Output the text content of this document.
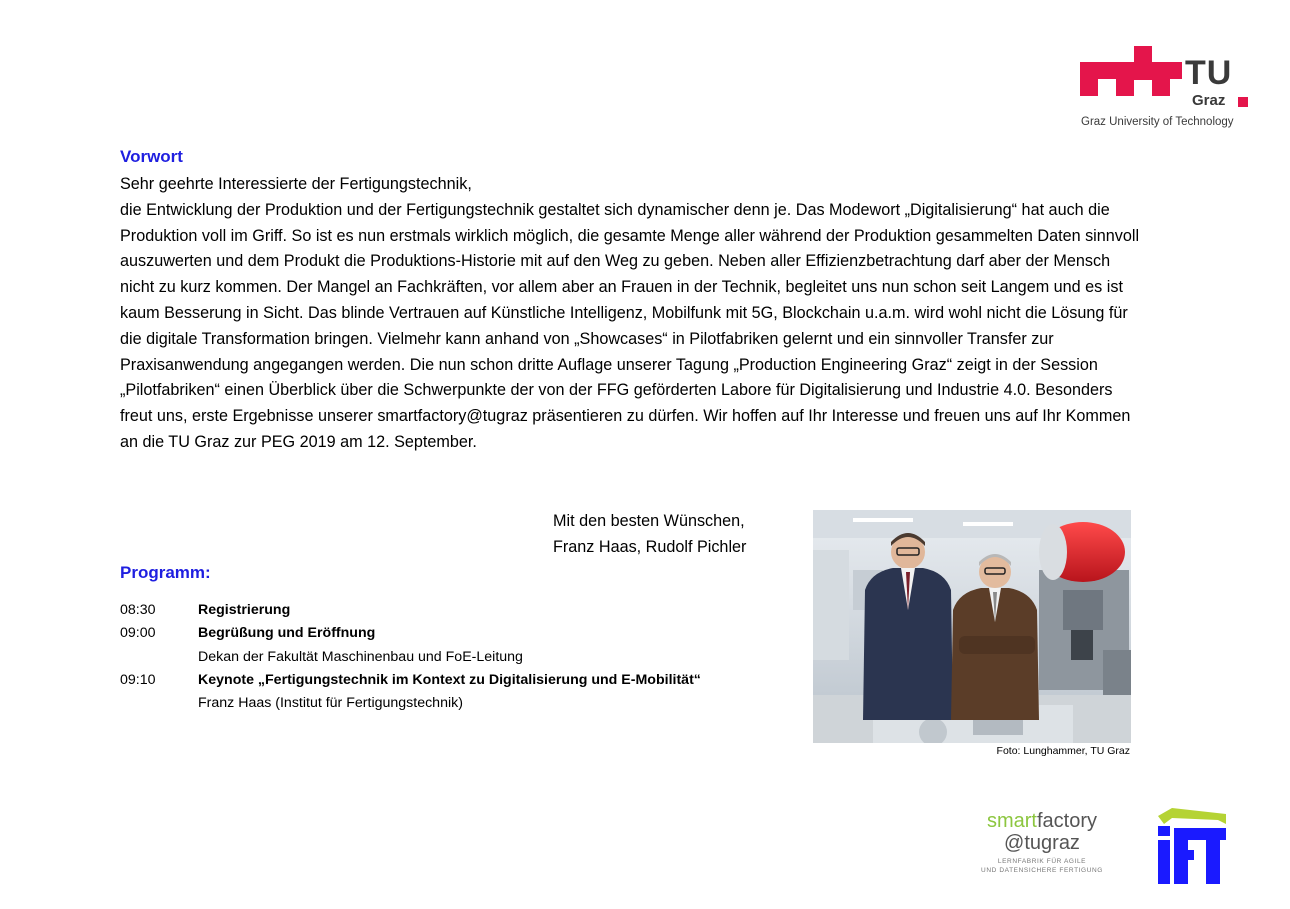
TU
Graz
Graz University of Technology
Vorwort

Sehr geehrte Interessierte der Fertigungstechnik,

die Entwicklung der Produktion und der Fertigungstechnik gestaltet sich dynamischer denn je. Das Modewort „Digitalisierung“ hat auch die Produktion voll im Griff. So ist es nun erstmals wirklich möglich, die gesamte Menge aller während der Produktion gesammelten Daten sinnvoll auszuwerten und dem Produkt die Produktions-Historie mit auf den Weg zu geben. Neben aller Effizienzbetrachtung darf aber der Mensch nicht zu kurz kommen. Der Mangel an Fachkräften, vor allem aber an Frauen in der Technik, begleitet uns nun schon seit Langem und es ist kaum Besserung in Sicht. Das blinde Vertrauen auf Künstliche Intelligenz, Mobilfunk mit 5G, Blockchain u.a.m. wird wohl nicht die Lösung für die digitale Transformation bringen. Vielmehr kann anhand von „Showcases“ in Pilotfabriken gelernt und ein sinnvoller Transfer zur Praxisanwendung angegangen werden. Die nun schon dritte Auflage unserer Tagung „Production Engineering Graz“ zeigt in der Session „Pilotfabriken“ einen Überblick über die Schwerpunkte der von der FFG geförderten Labore für Digitalisierung und Industrie 4.0. Besonders freut uns, erste Ergebnisse unserer smartfactory@tugraz präsentieren zu dürfen. Wir hoffen auf Ihr Interesse und freuen uns auf Ihr Kommen an die TU Graz zur PEG 2019 am 12. September.

Mit den besten Wünschen,
Franz Haas, Rudolf Pichler
Programm:
08:30	Registrierung
09:00	Begrüßung und Eröffnung
Dekan der Fakultät Maschinenbau und FoE-Leitung
09:10	Keynote „Fertigungstechnik im Kontext zu Digitalisierung und E-Mobilität“
Franz Haas (Institut für Fertigungstechnik)
Foto: Lunghammer, TU Graz
smartfactory
@tugraz
LERNFABRIK FÜR AGILE
UND DATENSICHERE FERTIGUNG
